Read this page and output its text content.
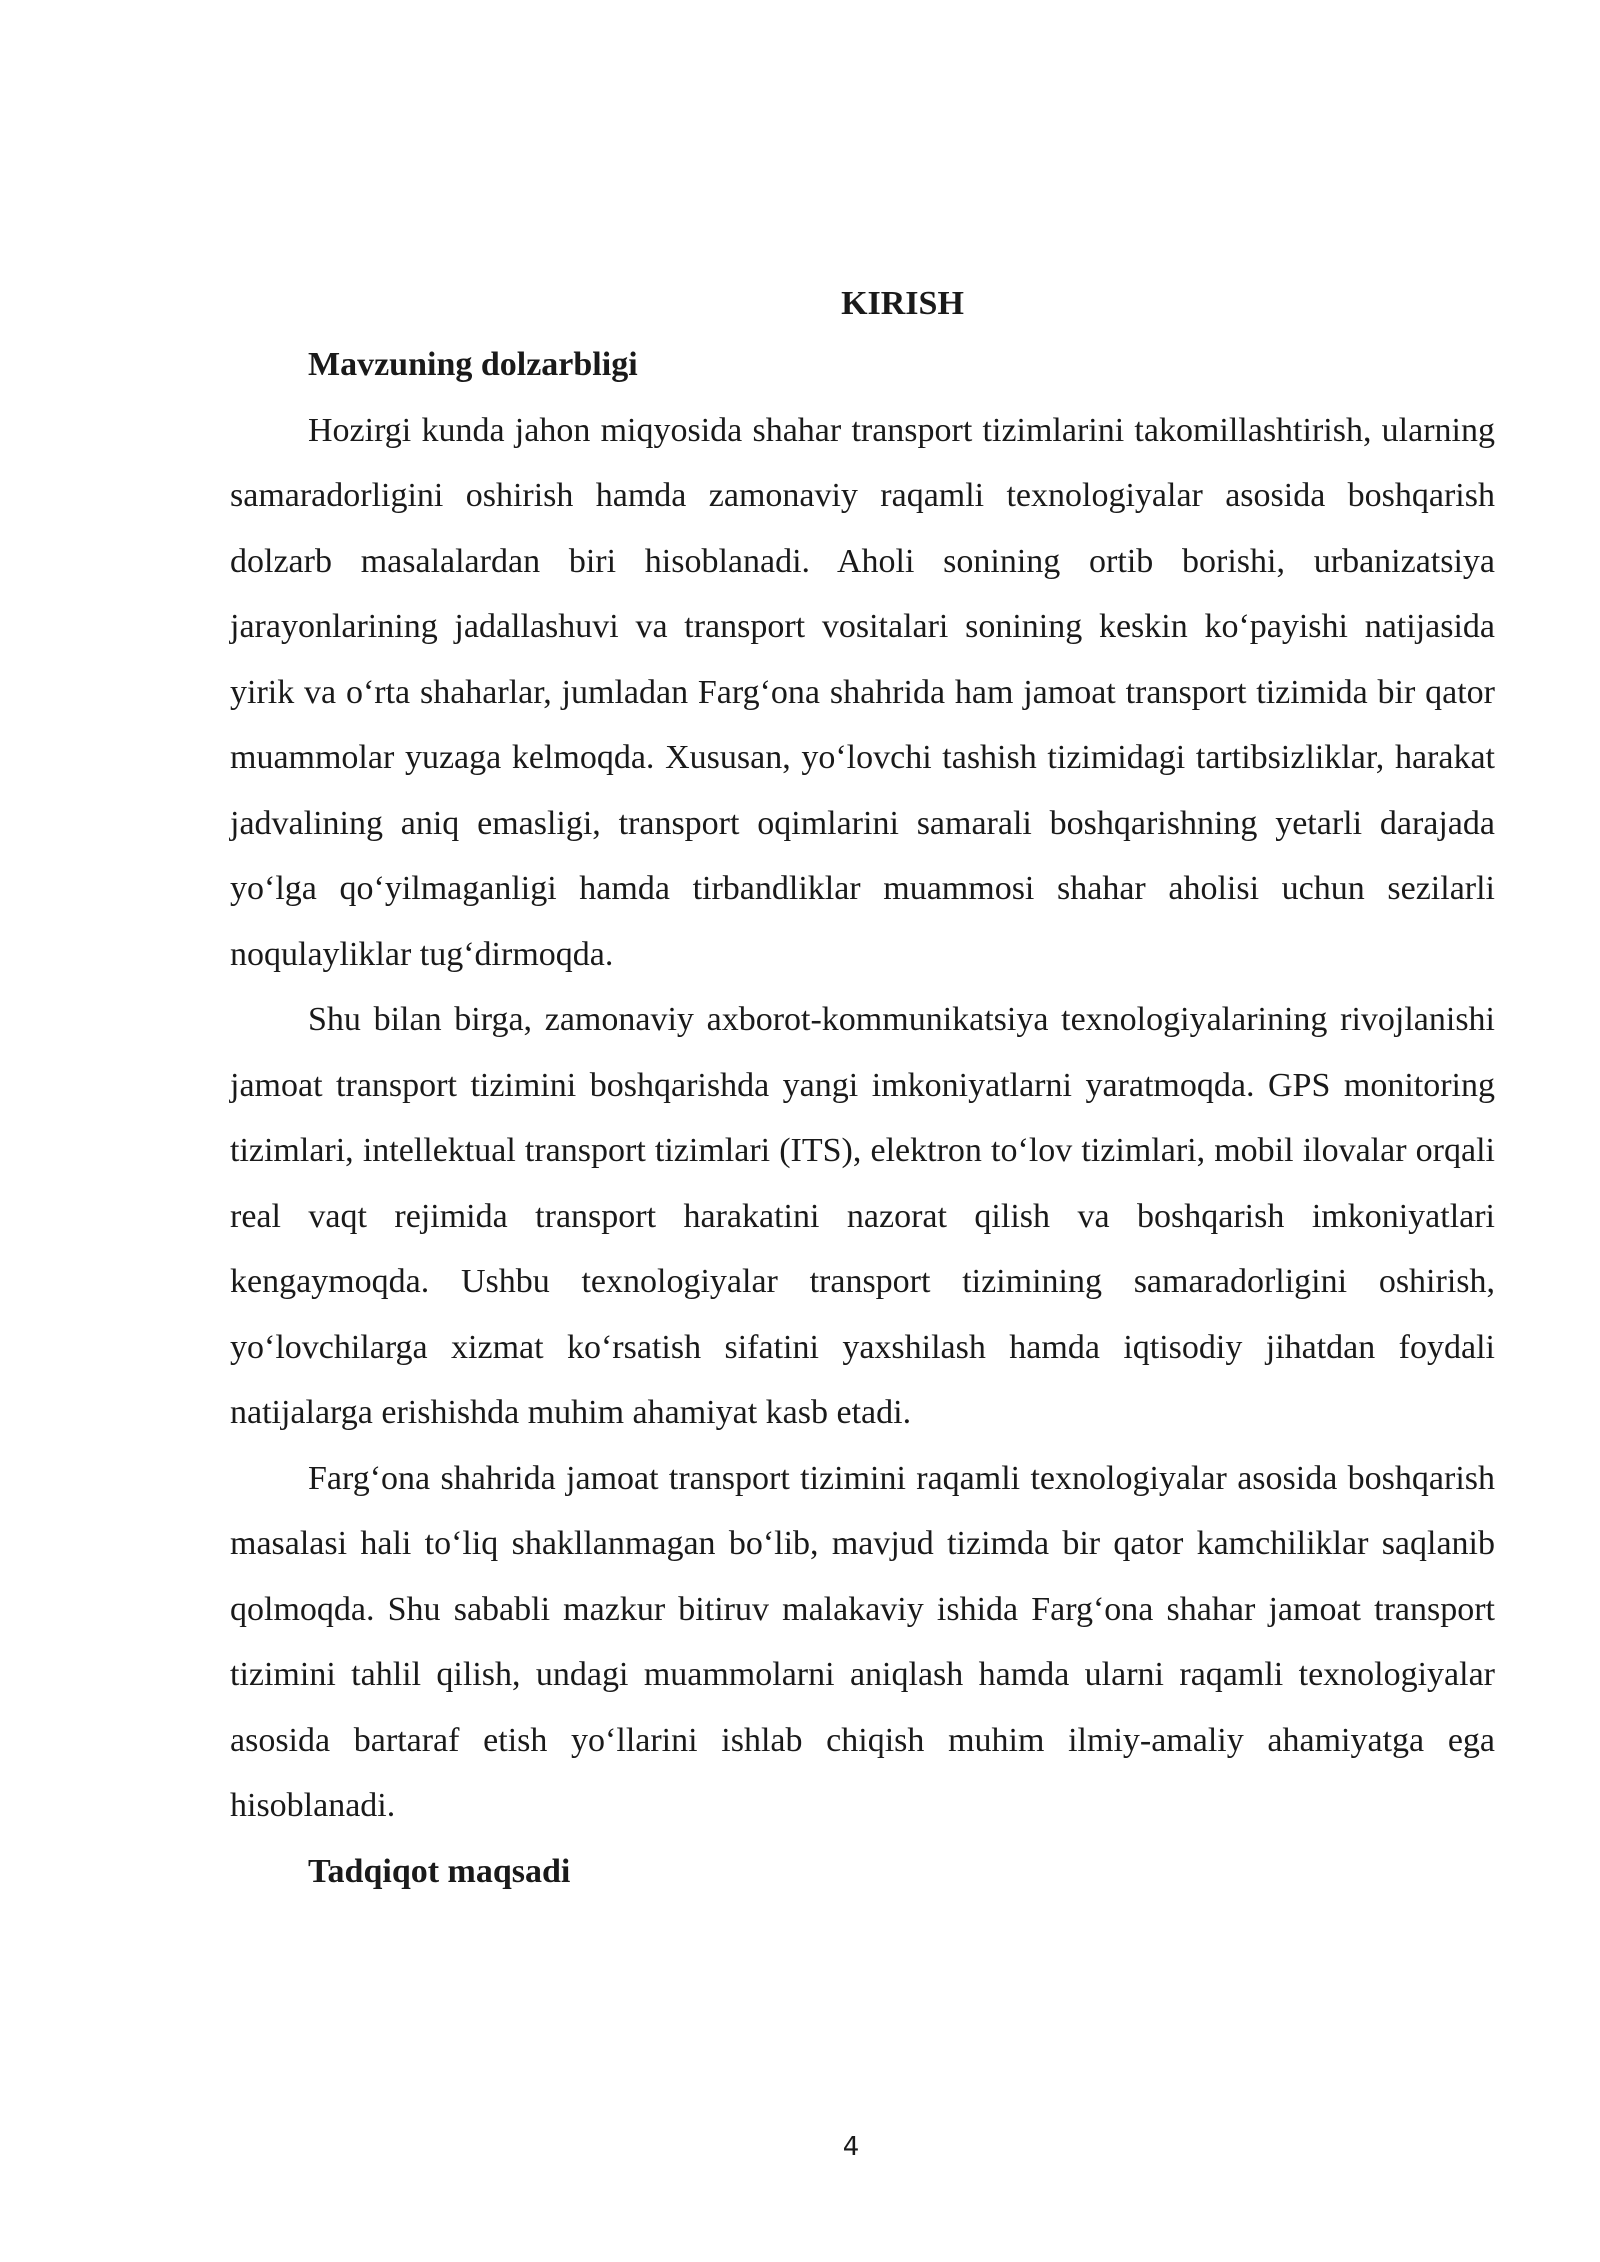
KIRISH

Mavzuning dolzarbligi

Hozirgi kunda jahon miqyosida shahar transport tizimlarini takomillashtirish, ularning samaradorligini oshirish hamda zamonaviy raqamli texnologiyalar asosida boshqarish dolzarb masalalardan biri hisoblanadi. Aholi sonining ortib borishi, urbanizatsiya jarayonlarining jadallashuvi va transport vositalari sonining keskin koʻpayishi natijasida yirik va oʻrta shaharlar, jumladan Fargʻona shahrida ham jamoat transport tizimida bir qator muammolar yuzaga kelmoqda. Xususan, yoʻlovchi tashish tizimidagi tartibsizliklar, harakat jadvalining aniq emasligi, transport oqimlarini samarali boshqarishning yetarli darajada yoʻlga qoʻyilmaganligi hamda tirbandliklar muammosi shahar aholisi uchun sezilarli noqulayliklar tugʻdirmoqda.

Shu bilan birga, zamonaviy axborot-kommunikatsiya texnologiyalarining rivojlanishi jamoat transport tizimini boshqarishda yangi imkoniyatlarni yaratmoqda. GPS monitoring tizimlari, intellektual transport tizimlari (ITS), elektron toʻlov tizimlari, mobil ilovalar orqali real vaqt rejimida transport harakatini nazorat qilish va boshqarish imkoniyatlari kengaymoqda. Ushbu texnologiyalar transport tizimining samaradorligini oshirish, yoʻlovchilarga xizmat koʻrsatish sifatini yaxshilash hamda iqtisodiy jihatdan foydali natijalarga erishishda muhim ahamiyat kasb etadi.

Fargʻona shahrida jamoat transport tizimini raqamli texnologiyalar asosida boshqarish masalasi hali toʻliq shakllanmagan boʻlib, mavjud tizimda bir qator kamchiliklar saqlanib qolmoqda. Shu sababli mazkur bitiruv malakaviy ishida Fargʻona shahar jamoat transport tizimini tahlil qilish, undagi muammolarni aniqlash hamda ularni raqamli texnologiyalar asosida bartaraf etish yoʻllarini ishlab chiqish muhim ilmiy-amaliy ahamiyatga ega hisoblanadi.

Tadqiqot maqsadi

4
